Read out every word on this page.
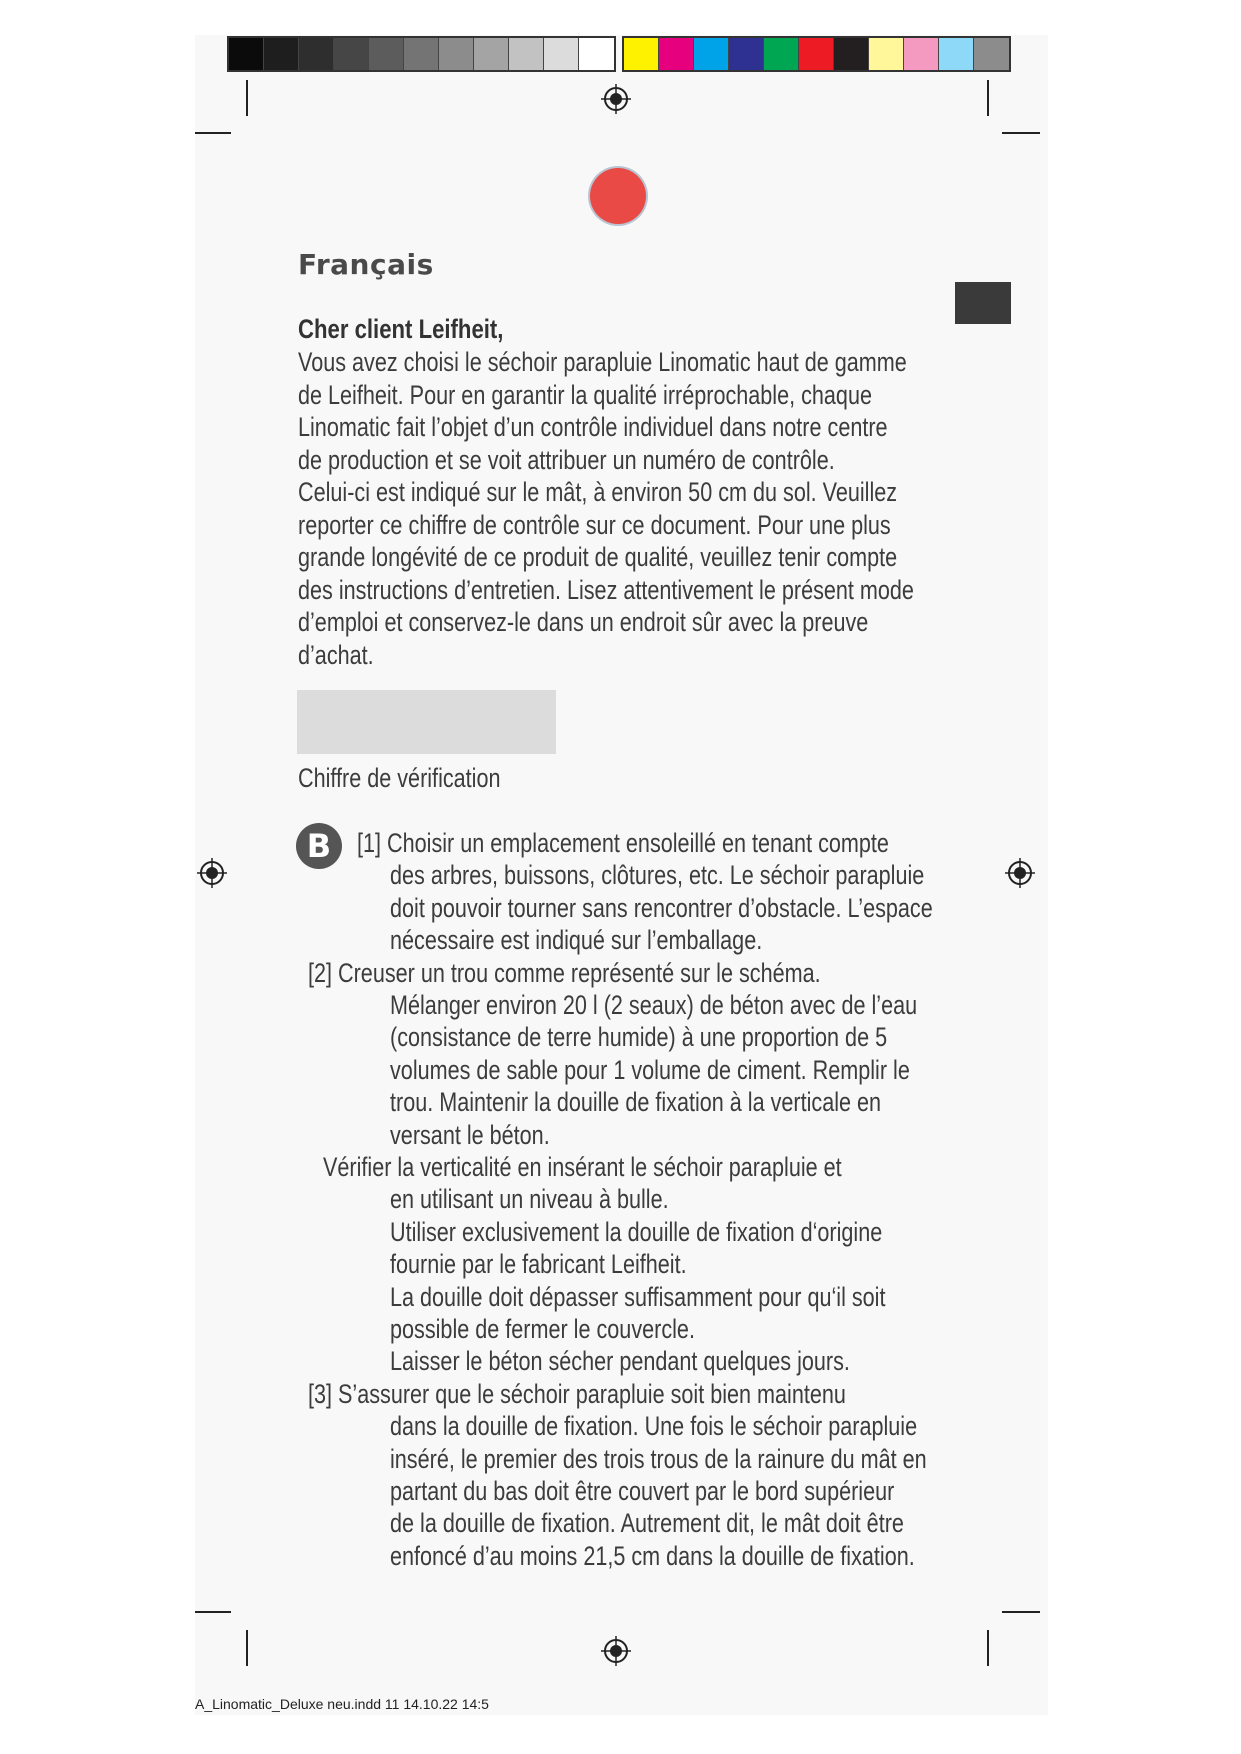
Français
Cher client Leifheit,
Vous avez choisi le séchoir parapluie Linomatic haut de gamme
de Leifheit. Pour en garantir la qualité irréprochable, chaque
Linomatic fait l’objet d’un contrôle individuel dans notre centre
de production et se voit attribuer un numéro de contrôle.
Celui-ci est indiqué sur le mât, à environ 50 cm du sol. Veuillez
reporter ce chiffre de contrôle sur ce document. Pour une plus
grande longévité de ce produit de qualité, veuillez tenir compte
des instructions d’entretien. Lisez attentivement le présent mode
d’emploi et conservez-le dans un endroit sûr avec la preuve
d’achat.
Chiffre de vérification
B [1] Choisir un emplacement ensoleillé en tenant compte
des arbres, buissons, clôtures, etc. Le séchoir parapluie
doit pouvoir tourner sans rencontrer d’obstacle. L’espace
nécessaire est indiqué sur l’emballage.
[2] Creuser un trou comme représenté sur le schéma.
Mélanger environ 20 l (2 seaux) de béton avec de l’eau
(consistance de terre humide) à une proportion de 5
volumes de sable pour 1 volume de ciment. Remplir le
trou. Maintenir la douille de fixation à la verticale en
versant le béton.
Vérifier la verticalité en insérant le séchoir parapluie et
en utilisant un niveau à bulle.
Utiliser exclusivement la douille de fixation d‘origine
fournie par le fabricant Leifheit.
La douille doit dépasser suffisamment pour qu‘il soit
possible de fermer le couvercle.
Laisser le béton sécher pendant quelques jours.
[3] S’assurer que le séchoir parapluie soit bien maintenu
dans la douille de fixation. Une fois le séchoir parapluie
inséré, le premier des trois trous de la rainure du mât en
partant du bas doit être couvert par le bord supérieur
de la douille de fixation. Autrement dit, le mât doit être
enfoncé d’au moins 21,5 cm dans la douille de fixation.
A_Linomatic_Deluxe neu.indd 11 14.10.22 14:5
